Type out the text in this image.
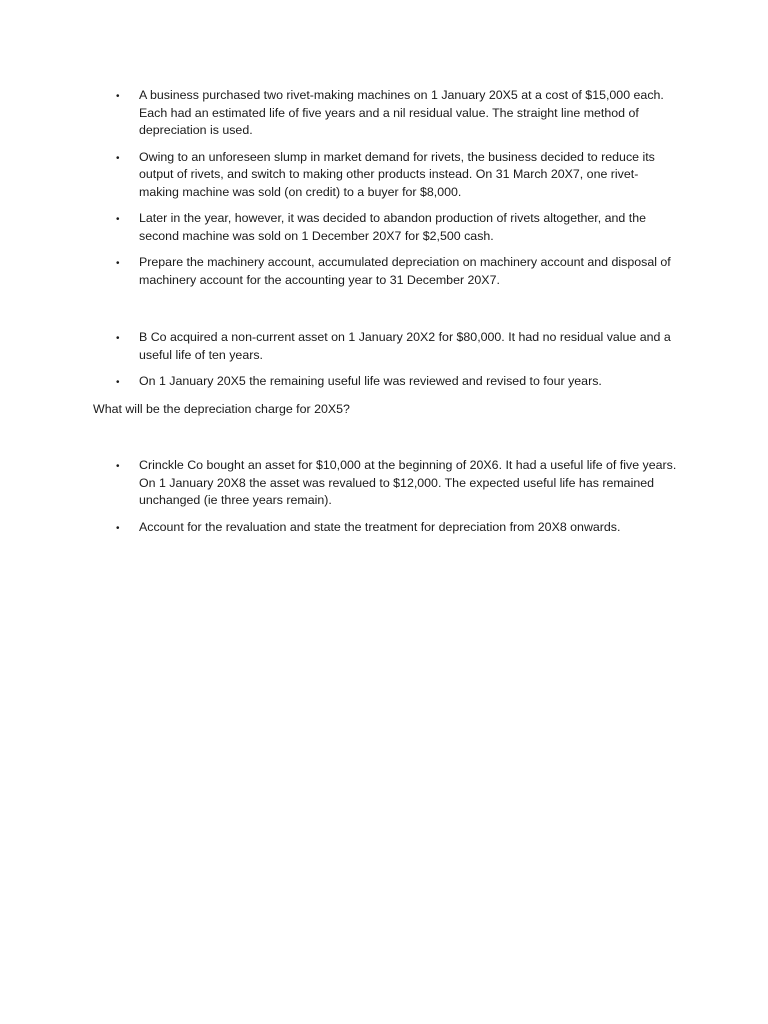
• A business purchased two rivet-making machines on 1 January 20X5 at a cost of $15,000 each. Each had an estimated life of five years and a nil residual value. The straight line method of depreciation is used.
• Owing to an unforeseen slump in market demand for rivets, the business decided to reduce its output of rivets, and switch to making other products instead. On 31 March 20X7, one rivet-making machine was sold (on credit) to a buyer for $8,000.
• Later in the year, however, it was decided to abandon production of rivets altogether, and the second machine was sold on 1 December 20X7 for $2,500 cash.
• Prepare the machinery account, accumulated depreciation on machinery account and disposal of machinery account for the accounting year to 31 December 20X7.
• B Co acquired a non-current asset on 1 January 20X2 for $80,000. It had no residual value and a useful life of ten years.
• On 1 January 20X5 the remaining useful life was reviewed and revised to four years.

What will be the depreciation charge for 20X5?

• Crinckle Co bought an asset for $10,000 at the beginning of 20X6. It had a useful life of five years. On 1 January 20X8 the asset was revalued to $12,000. The expected useful life has remained unchanged (ie three years remain).
• Account for the revaluation and state the treatment for depreciation from 20X8 onwards.
